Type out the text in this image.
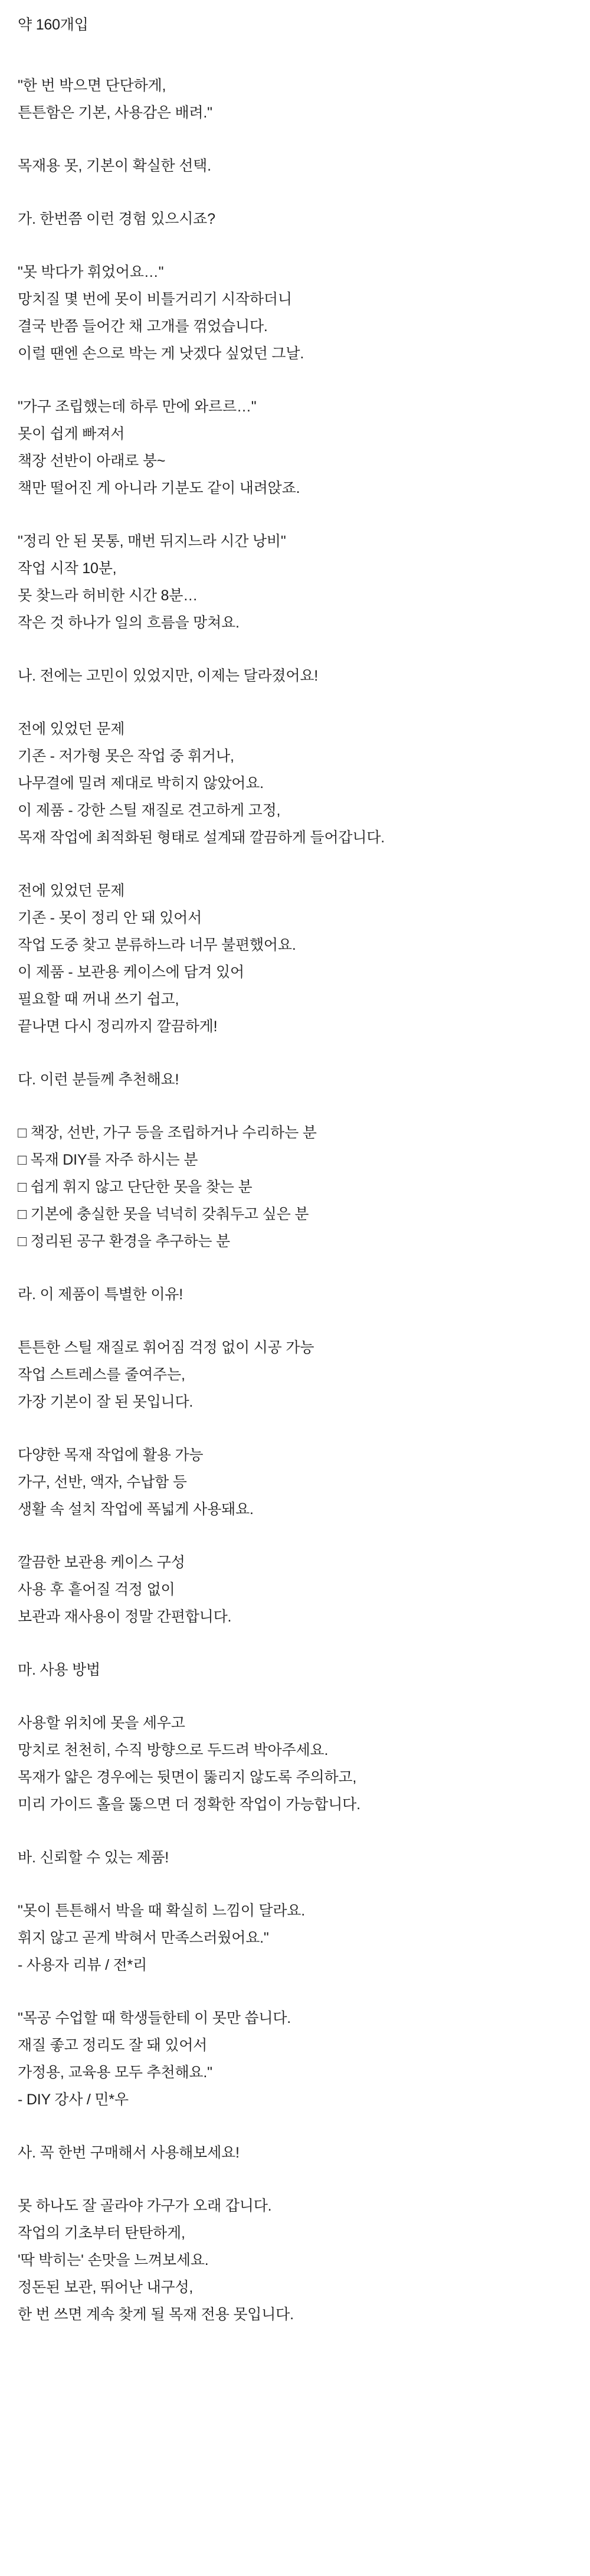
약 160개입
"한 번 박으면 단단하게,
튼튼함은 기본, 사용감은 배려."
목재용 못, 기본이 확실한 선택.
가. 한번쯤 이런 경험 있으시죠?
"못 박다가 휘었어요…"
망치질 몇 번에 못이 비틀거리기 시작하더니
결국 반쯤 들어간 채 고개를 꺾었습니다.
이럴 땐엔 손으로 박는 게 낫겠다 싶었던 그날.
"가구 조립했는데 하루 만에 와르르…"
못이 쉽게 빠져서
책장 선반이 아래로 붕~
책만 떨어진 게 아니라 기분도 같이 내려앉죠.
"정리 안 된 못통, 매번 뒤지느라 시간 낭비"
작업 시작 10분,
못 찾느라 허비한 시간 8분…
작은 것 하나가 일의 흐름을 망쳐요.
나. 전에는 고민이 있었지만, 이제는 달라졌어요!
전에 있었던 문제
기존 - 저가형 못은 작업 중 휘거나,
나무결에 밀려 제대로 박히지 않았어요.
이 제품 - 강한 스틸 재질로 견고하게 고정,
목재 작업에 최적화된 형태로 설계돼 깔끔하게 들어갑니다.
전에 있었던 문제
기존 - 못이 정리 안 돼 있어서
작업 도중 찾고 분류하느라 너무 불편했어요.
이 제품 - 보관용 케이스에 담겨 있어
필요할 때 꺼내 쓰기 쉽고,
끝나면 다시 정리까지 깔끔하게!
다. 이런 분들께 추천해요!
□ 책장, 선반, 가구 등을 조립하거나 수리하는 분
□ 목재 DIY를 자주 하시는 분
□ 쉽게 휘지 않고 단단한 못을 찾는 분
□ 기본에 충실한 못을 넉넉히 갖춰두고 싶은 분
□ 정리된 공구 환경을 추구하는 분
라. 이 제품이 특별한 이유!
튼튼한 스틸 재질로 휘어짐 걱정 없이 시공 가능
작업 스트레스를 줄여주는,
가장 기본이 잘 된 못입니다.
다양한 목재 작업에 활용 가능
가구, 선반, 액자, 수납함 등
생활 속 설치 작업에 폭넓게 사용돼요.
깔끔한 보관용 케이스 구성
사용 후 흩어질 걱정 없이
보관과 재사용이 정말 간편합니다.
마. 사용 방법
사용할 위치에 못을 세우고
망치로 천천히, 수직 방향으로 두드려 박아주세요.
목재가 얇은 경우에는 뒷면이 뚫리지 않도록 주의하고,
미리 가이드 홀을 뚫으면 더 정확한 작업이 가능합니다.
바. 신뢰할 수 있는 제품!
"못이 튼튼해서 박을 때 확실히 느낌이 달라요.
휘지 않고 곧게 박혀서 만족스러웠어요."
- 사용자 리뷰 / 전*리
"목공 수업할 때 학생들한테 이 못만 씁니다.
재질 좋고 정리도 잘 돼 있어서
가정용, 교육용 모두 추천해요."
- DIY 강사 / 민*우
사. 꼭 한번 구매해서 사용해보세요!
못 하나도 잘 골라야 가구가 오래 갑니다.
작업의 기초부터 탄탄하게,
'딱 박히는' 손맛을 느껴보세요.
정돈된 보관, 뛰어난 내구성,
한 번 쓰면 계속 찾게 될 목재 전용 못입니다.
